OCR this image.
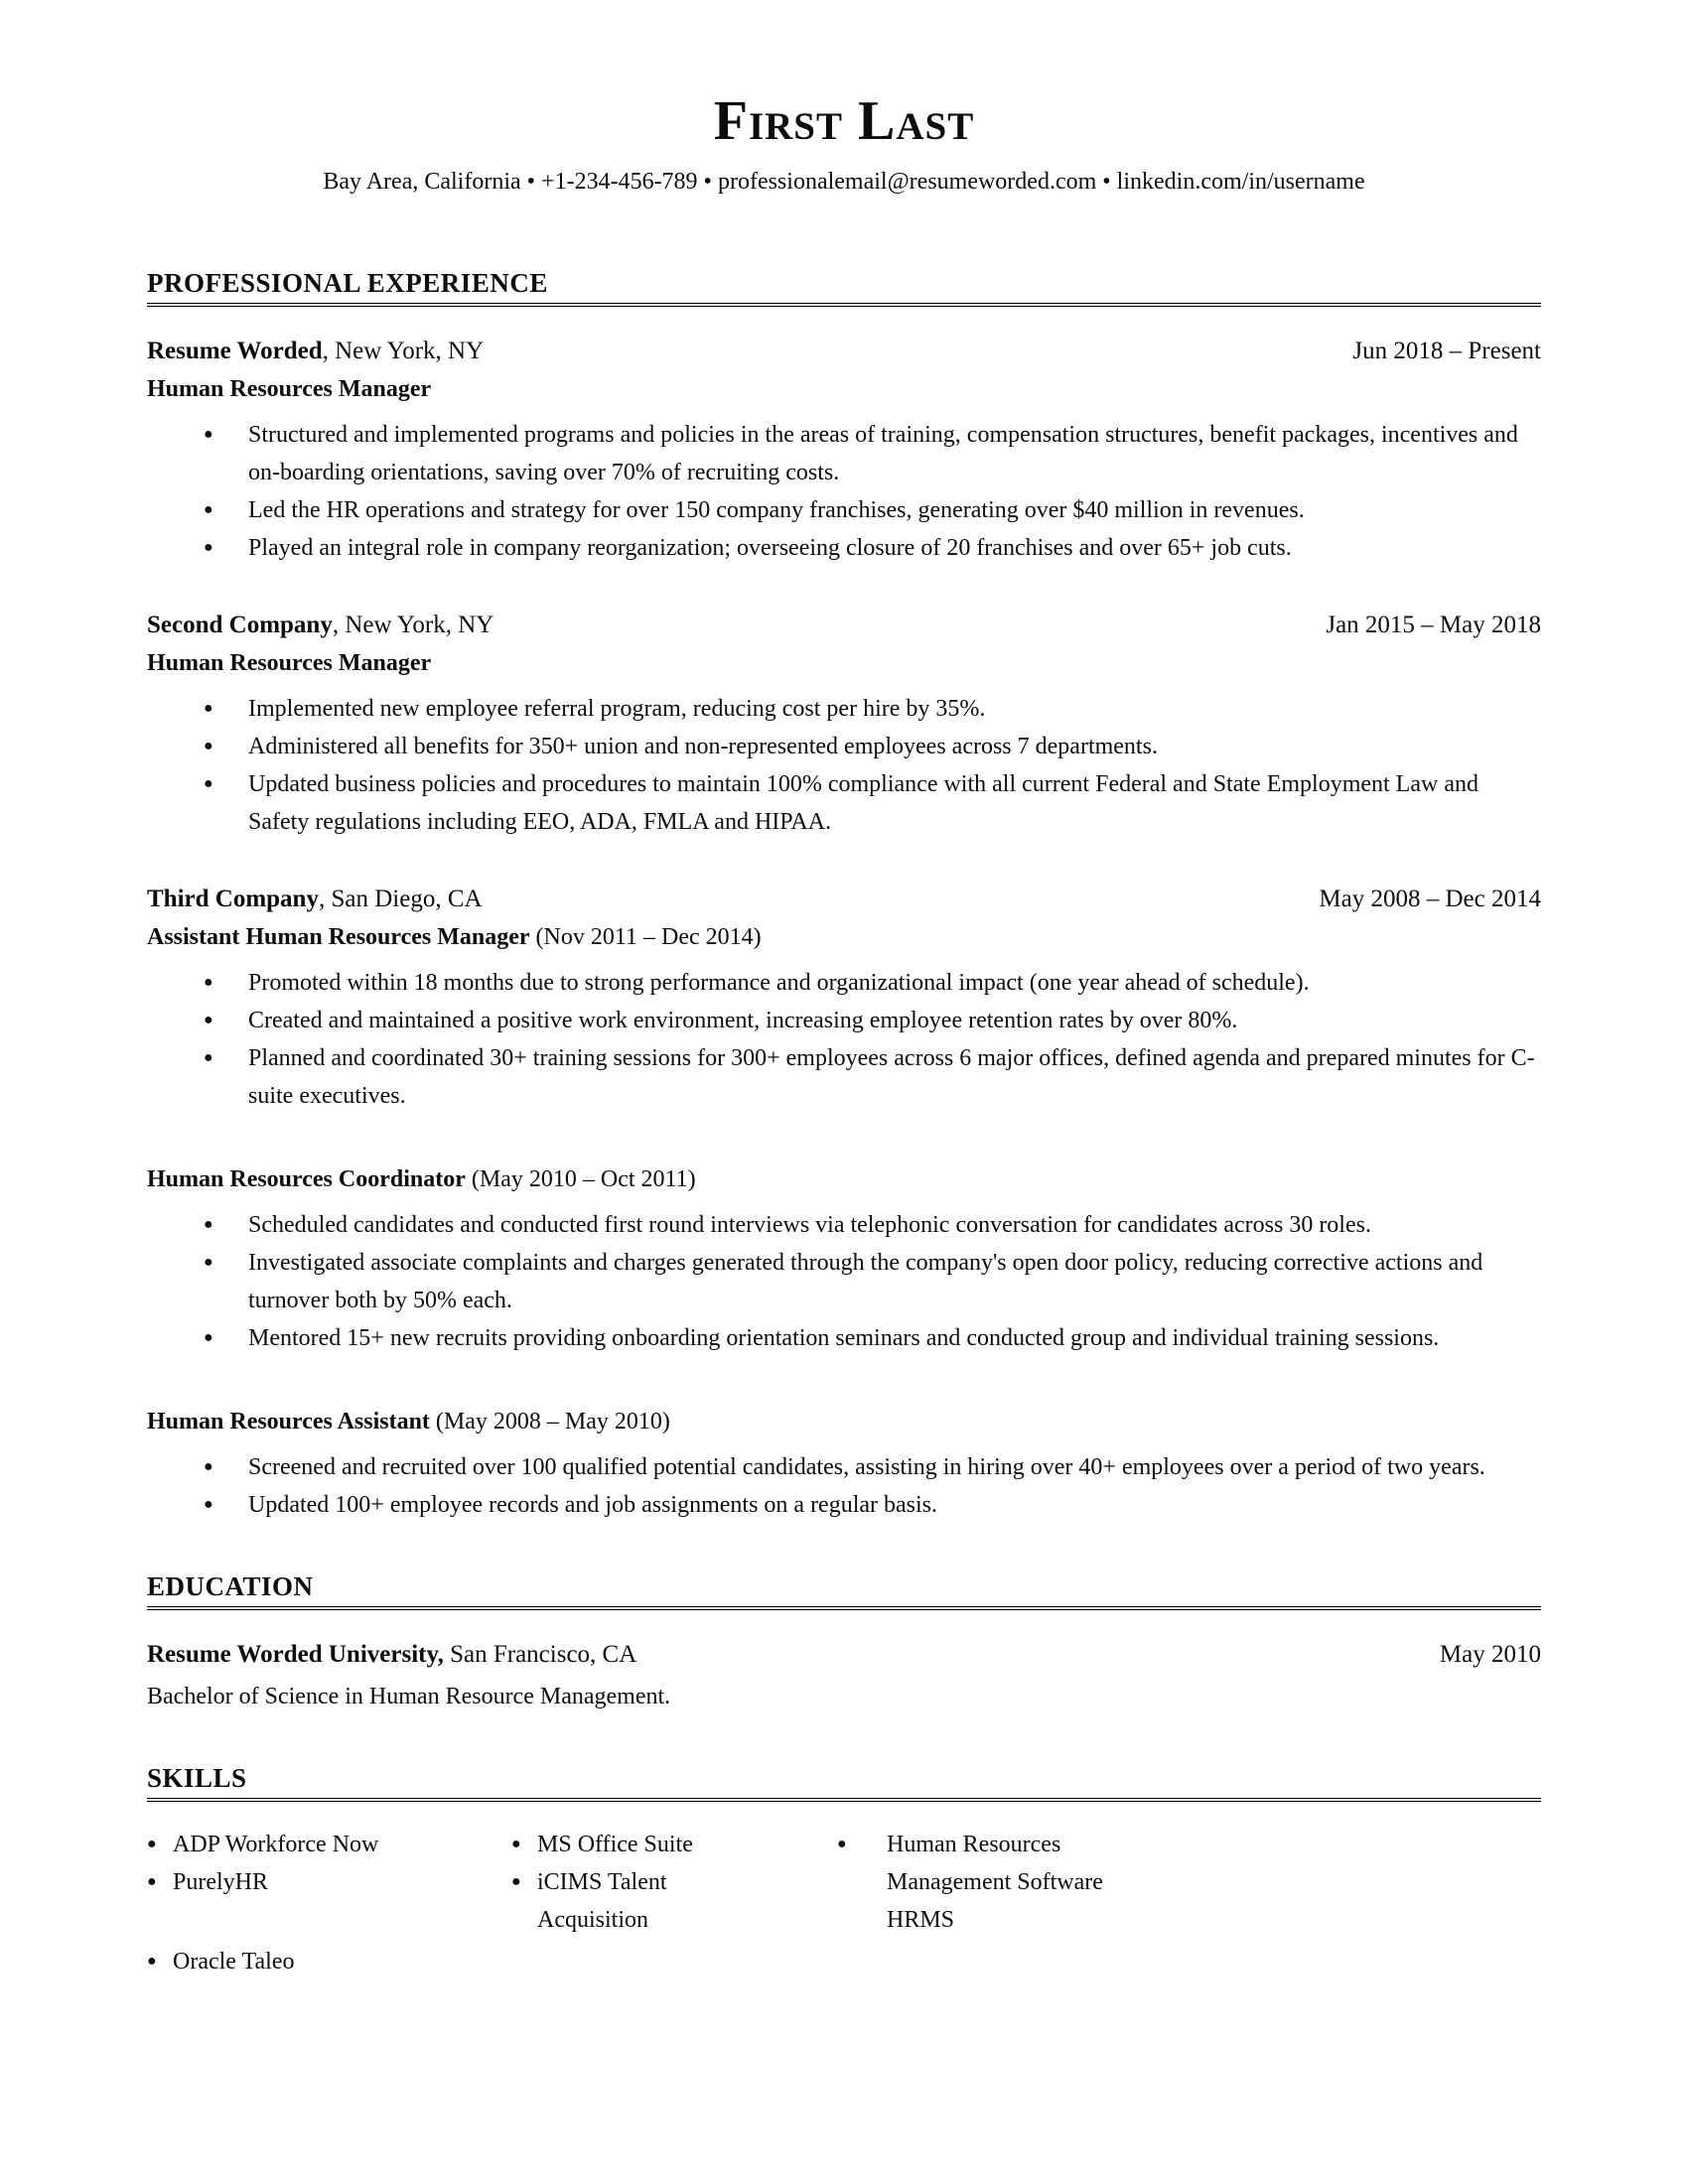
First Last
Bay Area, California • +1-234-456-789 • professionalemail@resumeworded.com • linkedin.com/in/username
PROFESSIONAL EXPERIENCE
Resume Worded, New York, NY	Jun 2018 – Present
Human Resources Manager
● Structured and implemented programs and policies in the areas of training, compensation structures, benefit packages, incentives and on-boarding orientations, saving over 70% of recruiting costs.
● Led the HR operations and strategy for over 150 company franchises, generating over $40 million in revenues.
● Played an integral role in company reorganization; overseeing closure of 20 franchises and over 65+ job cuts.
Second Company, New York, NY	Jan 2015 – May 2018
Human Resources Manager
● Implemented new employee referral program, reducing cost per hire by 35%.
● Administered all benefits for 350+ union and non-represented employees across 7 departments.
● Updated business policies and procedures to maintain 100% compliance with all current Federal and State Employment Law and Safety regulations including EEO, ADA, FMLA and HIPAA.
Third Company, San Diego, CA	May 2008 – Dec 2014
Assistant Human Resources Manager (Nov 2011 – Dec 2014)
● Promoted within 18 months due to strong performance and organizational impact (one year ahead of schedule).
● Created and maintained a positive work environment, increasing employee retention rates by over 80%.
● Planned and coordinated 30+ training sessions for 300+ employees across 6 major offices, defined agenda and prepared minutes for C-suite executives.
Human Resources Coordinator (May 2010 – Oct 2011)
● Scheduled candidates and conducted first round interviews via telephonic conversation for candidates across 30 roles.
● Investigated associate complaints and charges generated through the company's open door policy, reducing corrective actions and turnover both by 50% each.
● Mentored 15+ new recruits providing onboarding orientation seminars and conducted group and individual training sessions.
Human Resources Assistant (May 2008 – May 2010)
● Screened and recruited over 100 qualified potential candidates, assisting in hiring over 40+ employees over a period of two years.
● Updated 100+ employee records and job assignments on a regular basis.
EDUCATION
Resume Worded University, San Francisco, CA	May 2010
Bachelor of Science in Human Resource Management.
SKILLS
● ADP Workforce Now
● PurelyHR
● Oracle Taleo
● MS Office Suite
● iCIMS Talent Acquisition
●	Human Resources Management Software HRMS
